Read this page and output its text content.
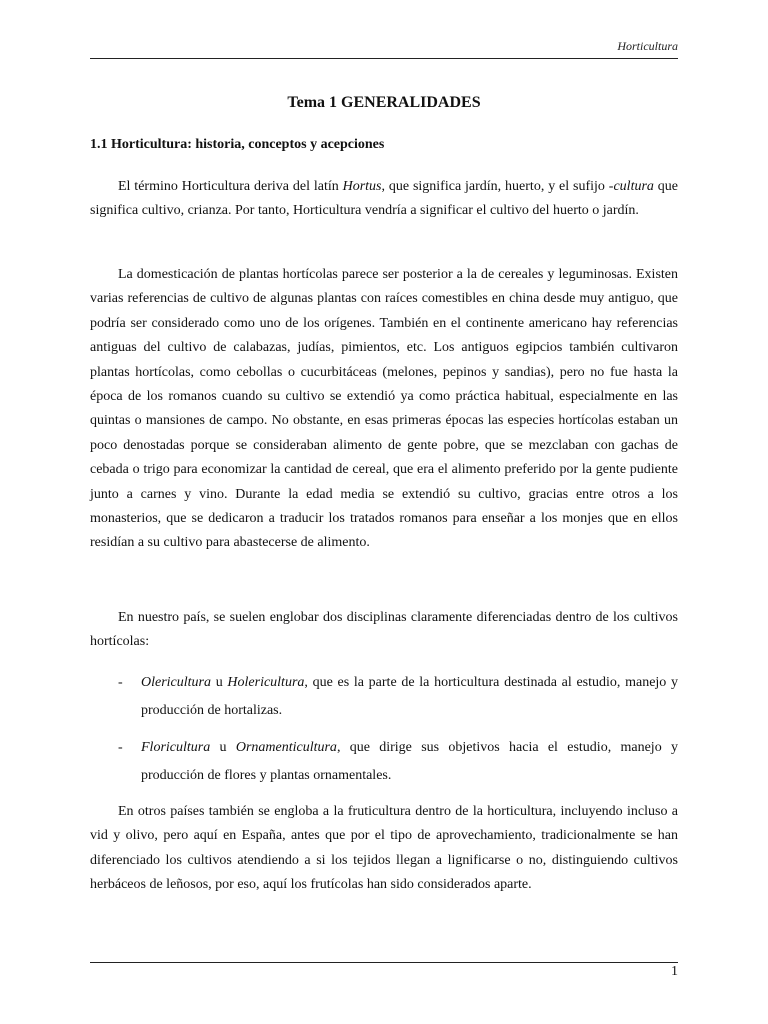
Horticultura
Tema 1 GENERALIDADES
1.1 Horticultura: historia, conceptos y acepciones

El término Horticultura deriva del latín Hortus, que significa jardín, huerto, y el sufijo -cultura que significa cultivo, crianza. Por tanto, Horticultura vendría a significar el cultivo del huerto o jardín.

La domesticación de plantas hortícolas parece ser posterior a la de cereales y leguminosas. Existen varias referencias de cultivo de algunas plantas con raíces comestibles en china desde muy antiguo, que podría ser considerado como uno de los orígenes. También en el continente americano hay referencias antiguas del cultivo de calabazas, judías, pimientos, etc. Los antiguos egipcios también cultivaron plantas hortícolas, como cebollas o cucurbitáceas (melones, pepinos y sandias), pero no fue hasta la época de los romanos cuando su cultivo se extendió ya como práctica habitual, especialmente en las quintas o mansiones de campo. No obstante, en esas primeras épocas las especies hortícolas estaban un poco denostadas porque se consideraban alimento de gente pobre, que se mezclaban con gachas de cebada o trigo para economizar la cantidad de cereal, que era el alimento preferido por la gente pudiente junto a carnes y vino. Durante la edad media se extendió su cultivo, gracias entre otros a los monasterios, que se dedicaron a traducir los tratados romanos para enseñar a los monjes que en ellos residían a su cultivo para abastecerse de alimento.

En nuestro país, se suelen englobar dos disciplinas claramente diferenciadas dentro de los cultivos hortícolas:

- Olericultura u Holericultura, que es la parte de la horticultura destinada al estudio, manejo y producción de hortalizas.
- Floricultura u Ornamenticultura, que dirige sus objetivos hacia el estudio, manejo y producción de flores y plantas ornamentales.

En otros países también se engloba a la fruticultura dentro de la horticultura, incluyendo incluso a vid y olivo, pero aquí en España, antes que por el tipo de aprovechamiento, tradicionalmente se han diferenciado los cultivos atendiendo a si los tejidos llegan a lignificarse o no, distinguiendo cultivos herbáceos de leñosos, por eso, aquí los frutícolas han sido considerados aparte.

1
